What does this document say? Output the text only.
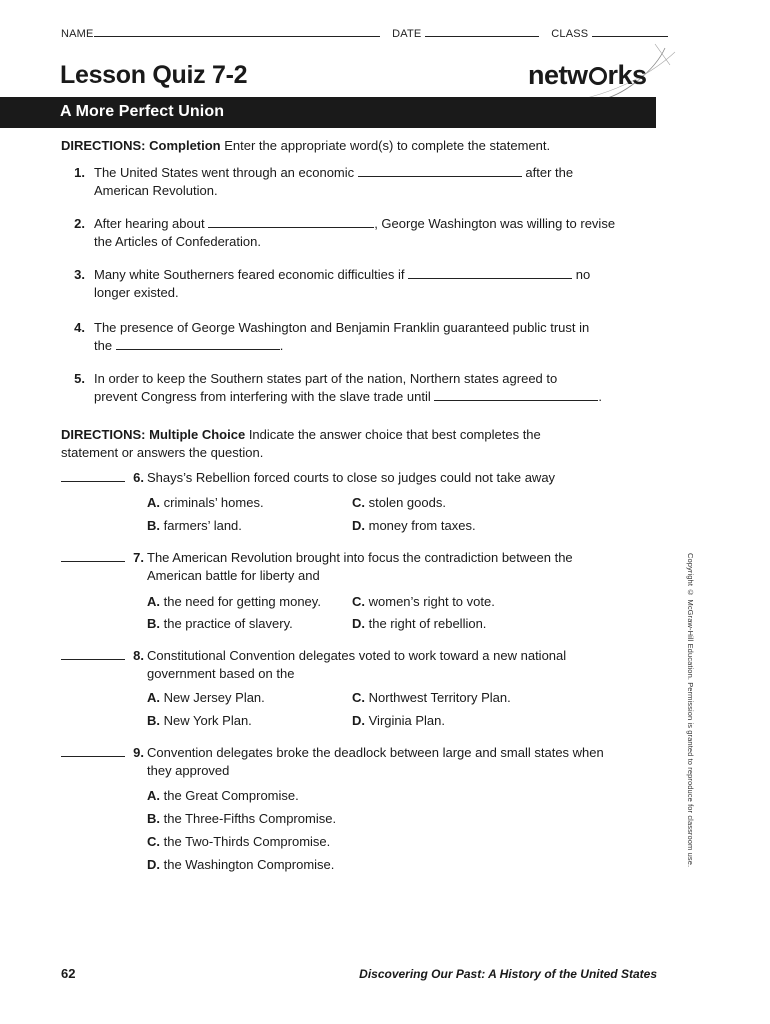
NAME	DATE	CLASS
Lesson Quiz 7-2	netw rks
A More Perfect Union
DIRECTIONS: Completion Enter the appropriate word(s) to complete the statement.
1. The United States went through an economic	after the
American Revolution.
2. After hearing about	, George Washington was willing to revise
the Articles of Confederation.
3. Many white Southerners feared economic difficulties if	no
longer existed.
4. The presence of George Washington and Benjamin Franklin guaranteed public trust in
the	.
5. In order to keep the Southern states part of the nation, Northern states agreed to
prevent Congress from interfering with the slave trade until	.
DIRECTIONS: Multiple Choice Indicate the answer choice that best completes the
statement or answers the question.
6. Shays’s Rebellion forced courts to close so judges could not take away
A. criminals’ homes.	C. stolen goods.
B. farmers’ land.	D. money from taxes.
7. The American Revolution brought into focus the contradiction between the
American battle for liberty and
A. the need for getting money. C. women’s right to vote.
B. the practice of slavery.	D. the right of rebellion.
8. Constitutional Convention delegates voted to work toward a new national
government based on the
A. New Jersey Plan.	C. Northwest Territory Plan.
B. New York Plan.	D. Virginia Plan.
9. Convention delegates broke the deadlock between large and small states when
they approved
A. the Great Compromise.
B. the Three-Fifths Compromise.
C. the Two-Thirds Compromise.
D. the Washington Compromise.	Copyright © McGraw-Hill Education. Permission is granted to reproduce for classroom use.
62	Discovering Our Past: A History of the United States
